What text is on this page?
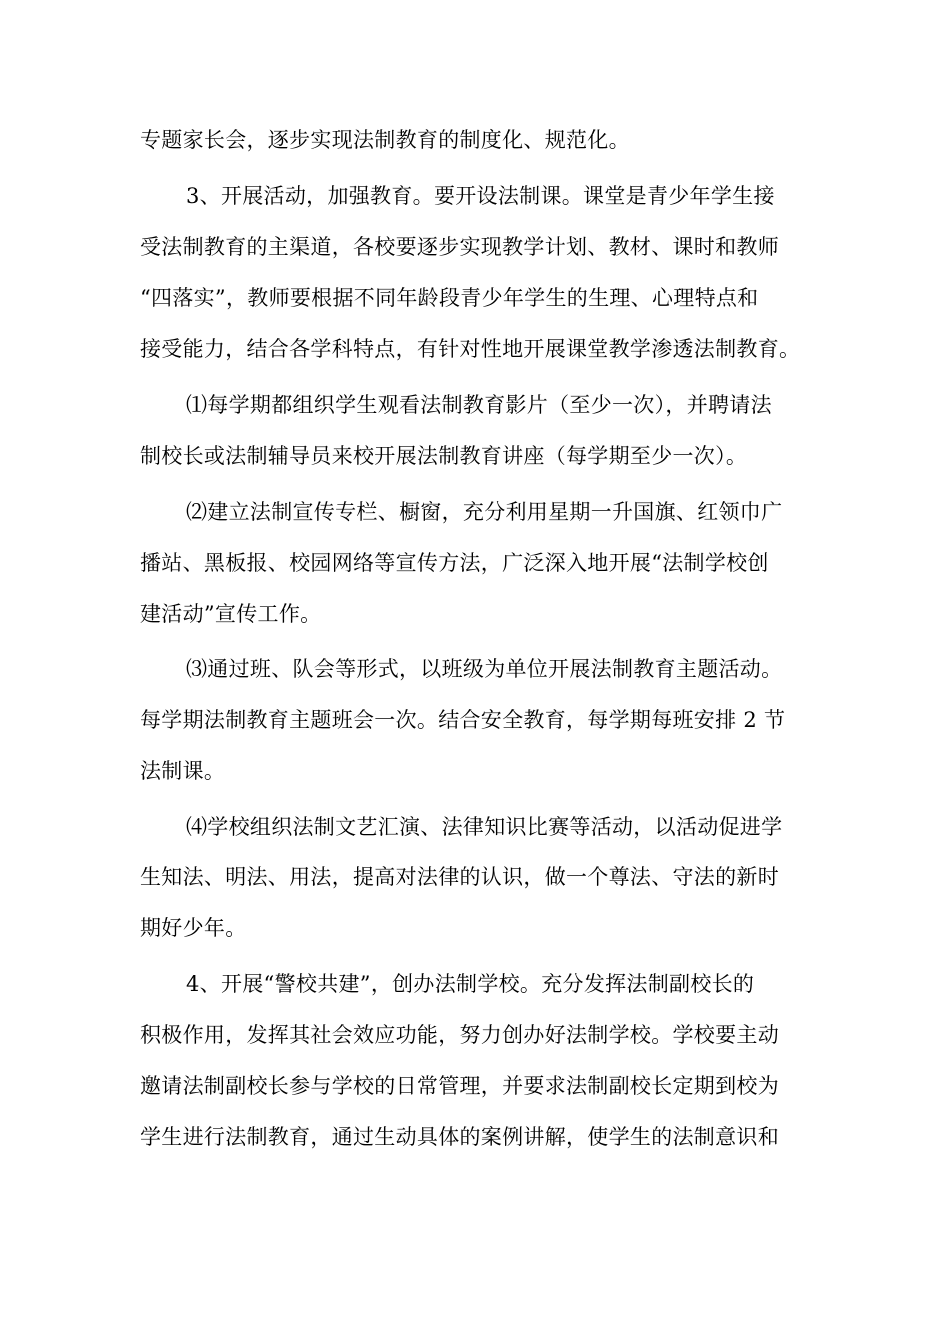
专题家长会，逐步实现法制教育的制度化、规范化。

3、开展活动，加强教育。要开设法制课。课堂是青少年学生接

受法制教育的主渠道，各校要逐步实现教学计划、教材、课时和教师

“四落实”，教师要根据不同年龄段青少年学生的生理、心理特点和

接受能力，结合各学科特点，有针对性地开展课堂教学渗透法制教育。

⑴每学期都组织学生观看法制教育影片（至少一次），并聘请法

制校长或法制辅导员来校开展法制教育讲座（每学期至少一次）。

⑵建立法制宣传专栏、橱窗，充分利用星期一升国旗、红领巾广

播站、黑板报、校园网络等宣传方法，广泛深入地开展“法制学校创

建活动”宣传工作。

⑶通过班、队会等形式，以班级为单位开展法制教育主题活动。

每学期法制教育主题班会一次。结合安全教育，每学期每班安排 2 节

法制课。

⑷学校组织法制文艺汇演、法律知识比赛等活动，以活动促进学

生知法、明法、用法，提高对法律的认识，做一个尊法、守法的新时

期好少年。

4、开展“警校共建”，创办法制学校。充分发挥法制副校长的

积极作用，发挥其社会效应功能，努力创办好法制学校。学校要主动

邀请法制副校长参与学校的日常管理，并要求法制副校长定期到校为

学生进行法制教育，通过生动具体的案例讲解，使学生的法制意识和
